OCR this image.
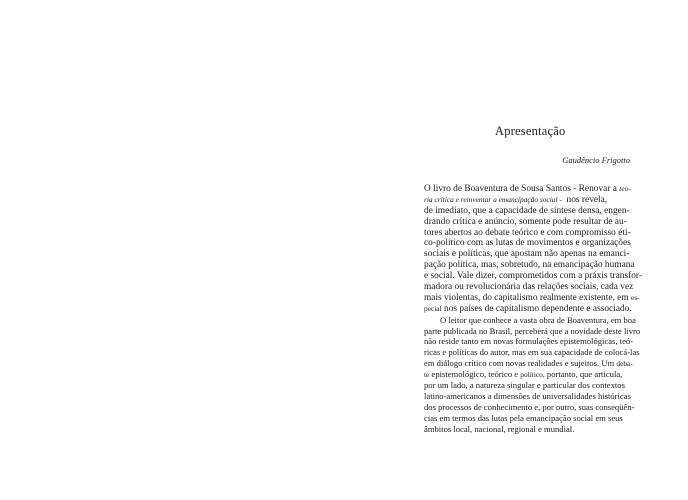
Apresentação
Gaudêncio Frigotto
O livro de Boaventura de Sousa Santos - Renovar a teo-
ria crítica e reinventar a emancipação social - nos revela,
de imediato, que a capacidade de síntese densa, engen-
drando crítica e anúncio, somente pode resultar de au-
tores abertos ao debate teórico e com compromisso éti-
co-político com as lutas de movimentos e organizações
sociais e políticas, que apostam não apenas na emanci-
pação política, mas, sobretudo, na emancipação humana
e social. Vale dizer, comprometidos com a práxis transfor-
madora ou revolucionária das relações sociais, cada vez
mais violentas, do capitalismo realmente existente, em es-
pecial nos países de capitalismo dependente e associado.
O leitor que conhece a vasta obra de Boaventura, em boa
parte publicada no Brasil, perceberá que a novidade deste livro
não reside tanto em novas formulações epistemológicas, teó-
ricas e políticas do autor, mas em sua capacidade de colocá-las
em diálogo crítico com novas realidades e sujeitos. Um deba-
te epistemológico, teórico e político, portanto, que articula,
por um lado, a natureza singular e particular dos contextos
latino-americanos a dimensões de universalidades históricas
dos processos de conhecimento e, por outro, suas conseqüên-
cias em termos das lutas pela emancipação social em seus
âmbitos local, nacional, regional e mundial.
